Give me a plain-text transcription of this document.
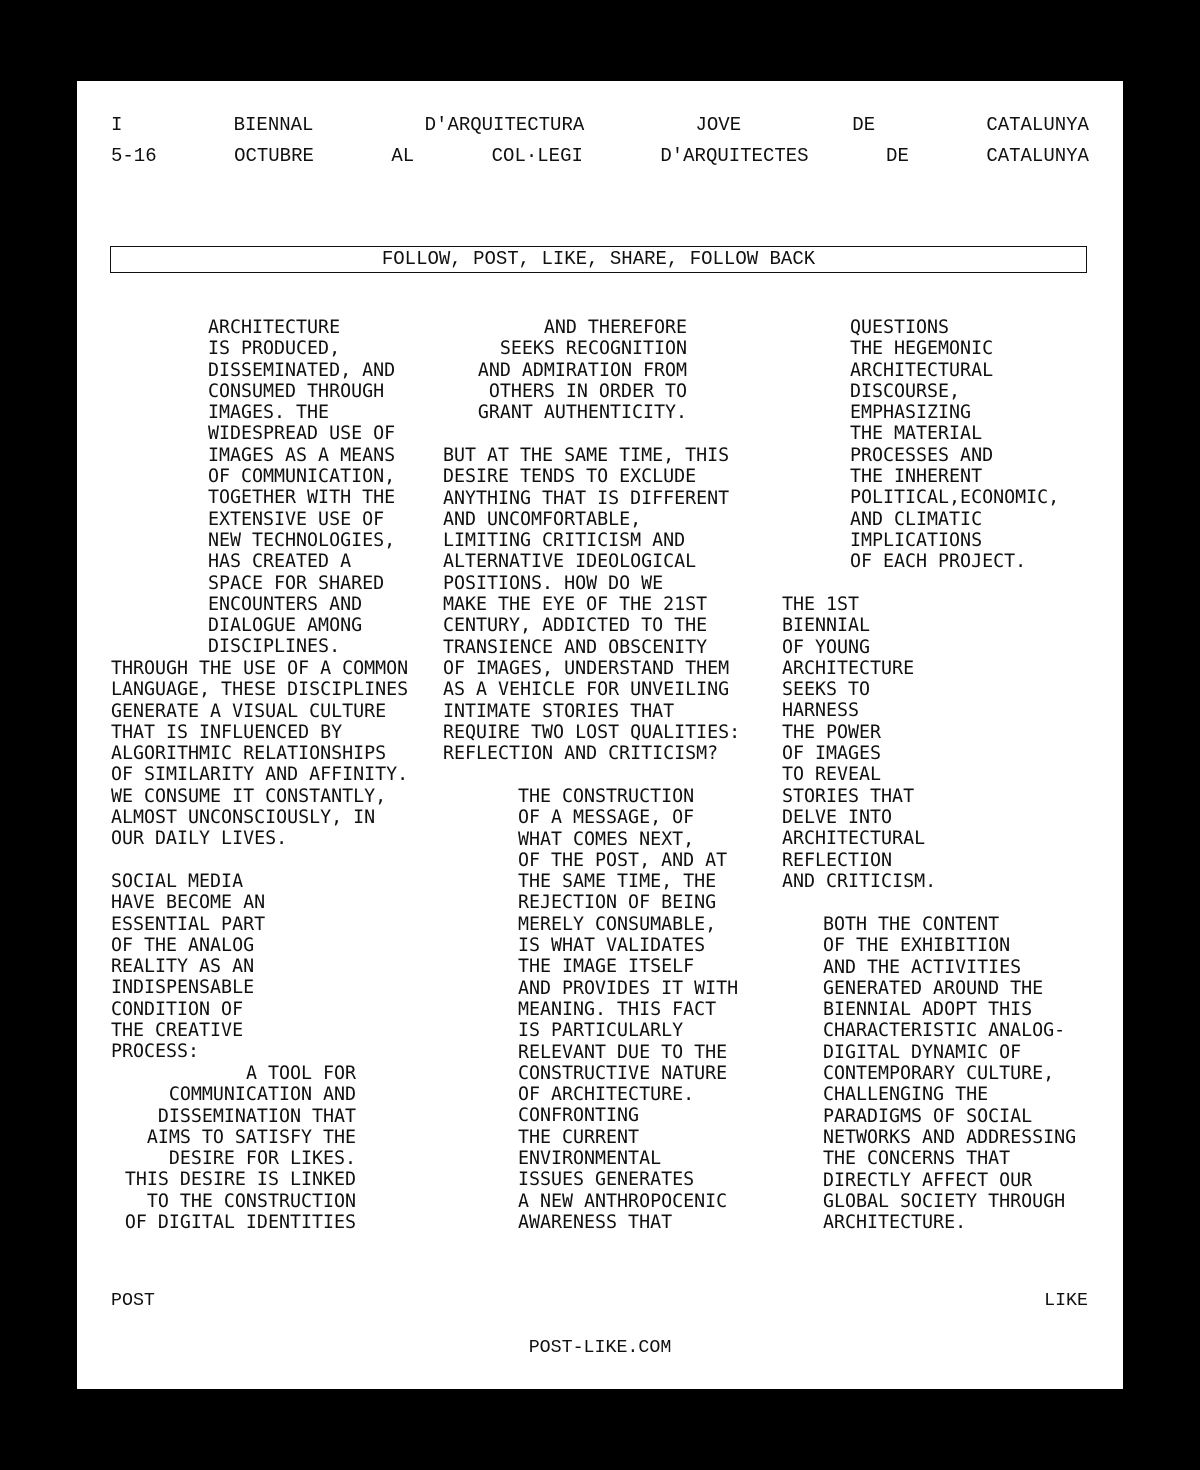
I	BIENNAL	D'ARQUITECTURA	JOVE	DE	CATALUNYA
5-16	OCTUBRE	AL	COL·LEGI	D'ARQUITECTES	DE	CATALUNYA
FOLLOW, POST, LIKE, SHARE, FOLLOW BACK
ARCHITECTURE
IS PRODUCED,
DISSEMINATED, AND
CONSUMED THROUGH
IMAGES. THE
WIDESPREAD USE OF
IMAGES AS A MEANS
OF COMMUNICATION,
TOGETHER WITH THE
EXTENSIVE USE OF
NEW TECHNOLOGIES,
HAS CREATED A
SPACE FOR SHARED
ENCOUNTERS AND
DIALOGUE AMONG
DISCIPLINES.
THROUGH THE USE OF A COMMON
LANGUAGE, THESE DISCIPLINES
GENERATE A VISUAL CULTURE
THAT IS INFLUENCED BY
ALGORITHMIC RELATIONSHIPS
OF SIMILARITY AND AFFINITY.
WE CONSUME IT CONSTANTLY,
ALMOST UNCONSCIOUSLY, IN
OUR DAILY LIVES.
SOCIAL MEDIA
HAVE BECOME AN
ESSENTIAL PART
OF THE ANALOG
REALITY AS AN
INDISPENSABLE
CONDITION OF
THE CREATIVE
PROCESS:
A TOOL FOR
COMMUNICATION AND
DISSEMINATION THAT
AIMS TO SATISFY THE
DESIRE FOR LIKES.
THIS DESIRE IS LINKED
TO THE CONSTRUCTION
OF DIGITAL IDENTITIES
AND THEREFORE
SEEKS RECOGNITION
AND ADMIRATION FROM
OTHERS IN ORDER TO
GRANT AUTHENTICITY.
BUT AT THE SAME TIME, THIS
DESIRE TENDS TO EXCLUDE
ANYTHING THAT IS DIFFERENT
AND UNCOMFORTABLE,
LIMITING CRITICISM AND
ALTERNATIVE IDEOLOGICAL
POSITIONS. HOW DO WE
MAKE THE EYE OF THE 21ST
CENTURY, ADDICTED TO THE
TRANSIENCE AND OBSCENITY
OF IMAGES, UNDERSTAND THEM
AS A VEHICLE FOR UNVEILING
INTIMATE STORIES THAT
REQUIRE TWO LOST QUALITIES:
REFLECTION AND CRITICISM?
THE CONSTRUCTION
OF A MESSAGE, OF
WHAT COMES NEXT,
OF THE POST, AND AT
THE SAME TIME, THE
REJECTION OF BEING
MERELY CONSUMABLE,
IS WHAT VALIDATES
THE IMAGE ITSELF
AND PROVIDES IT WITH
MEANING. THIS FACT
IS PARTICULARLY
RELEVANT DUE TO THE
CONSTRUCTIVE NATURE
OF ARCHITECTURE.
CONFRONTING
THE CURRENT
ENVIRONMENTAL
ISSUES GENERATES
A NEW ANTHROPOCENIC
AWARENESS THAT
QUESTIONS
THE HEGEMONIC
ARCHITECTURAL
DISCOURSE,
EMPHASIZING
THE MATERIAL
PROCESSES AND
THE INHERENT
POLITICAL,ECONOMIC,
AND CLIMATIC
IMPLICATIONS
OF EACH PROJECT.
THE 1ST
BIENNIAL
OF YOUNG
ARCHITECTURE
SEEKS TO
HARNESS
THE POWER
OF IMAGES
TO REVEAL
STORIES THAT
DELVE INTO
ARCHITECTURAL
REFLECTION
AND CRITICISM.
BOTH THE CONTENT
OF THE EXHIBITION
AND THE ACTIVITIES
GENERATED AROUND THE
BIENNIAL ADOPT THIS
CHARACTERISTIC ANALOG-
DIGITAL DYNAMIC OF
CONTEMPORARY CULTURE,
CHALLENGING THE
PARADIGMS OF SOCIAL
NETWORKS AND ADDRESSING
THE CONCERNS THAT
DIRECTLY AFFECT OUR
GLOBAL SOCIETY THROUGH
ARCHITECTURE.
POST	LIKE
POST-LIKE.COM
